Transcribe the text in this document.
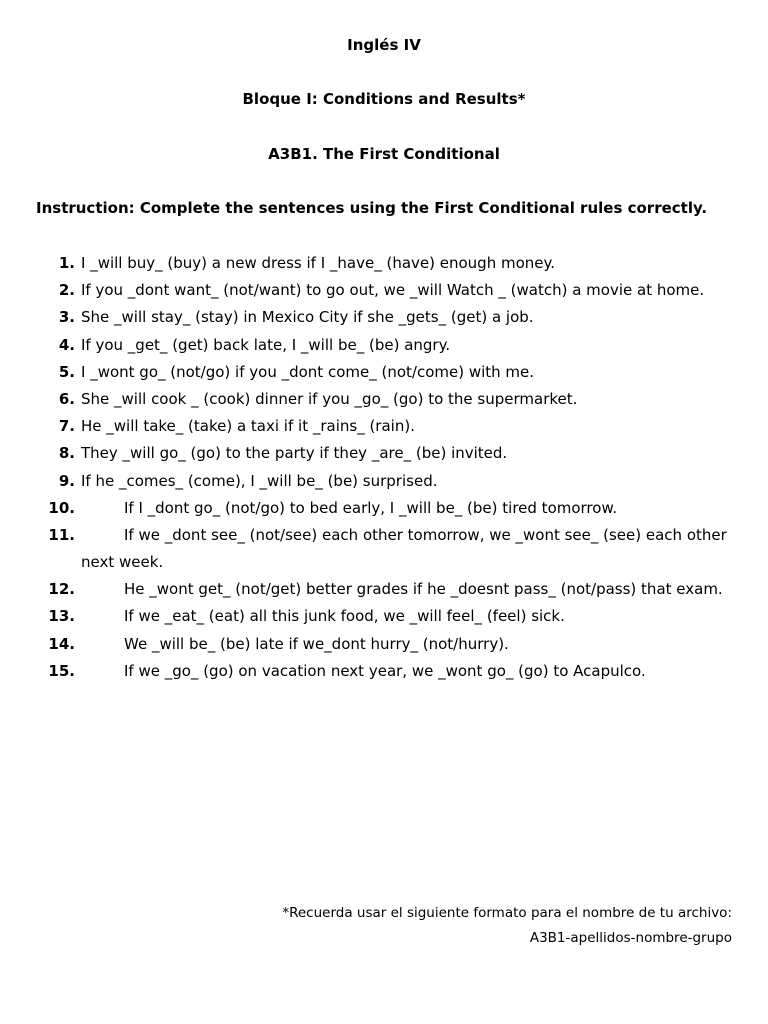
Inglés IV
Bloque I: Conditions and Results*
A3B1. The First Conditional
Instruction: Complete the sentences using the First Conditional rules correctly.
1. I _will buy_ (buy) a new dress if I _have_ (have) enough money.
2. If you _dont want_ (not/want) to go out, we _will Watch _ (watch) a movie at home.
3. She _will stay_ (stay) in Mexico City if she _gets_ (get) a job.
4. If you _get_ (get) back late, I _will be_ (be) angry.
5. I _wont go_ (not/go) if you _dont come_ (not/come) with me.
6. She _will cook _ (cook) dinner if you _go_ (go) to the supermarket.
7. He _will take_ (take) a taxi if it _rains_ (rain).
8. They _will go_ (go) to the party if they _are_ (be) invited.
9. If he _comes_ (come), I _will be_ (be) surprised.
10.	If I _dont go_ (not/go) to bed early, I _will be_ (be) tired tomorrow.
11.	If we _dont see_ (not/see) each other tomorrow, we _wont see_ (see) each other
next week.
12.	He _wont get_ (not/get) better grades if he _doesnt pass_ (not/pass) that exam.
13.	If we _eat_ (eat) all this junk food, we _will feel_ (feel) sick.
14.	We _will be_ (be) late if we_dont hurry_ (not/hurry).
15.	If we _go_ (go) on vacation next year, we _wont go_ (go) to Acapulco.
*Recuerda usar el siguiente formato para el nombre de tu archivo:
A3B1-apellidos-nombre-grupo
